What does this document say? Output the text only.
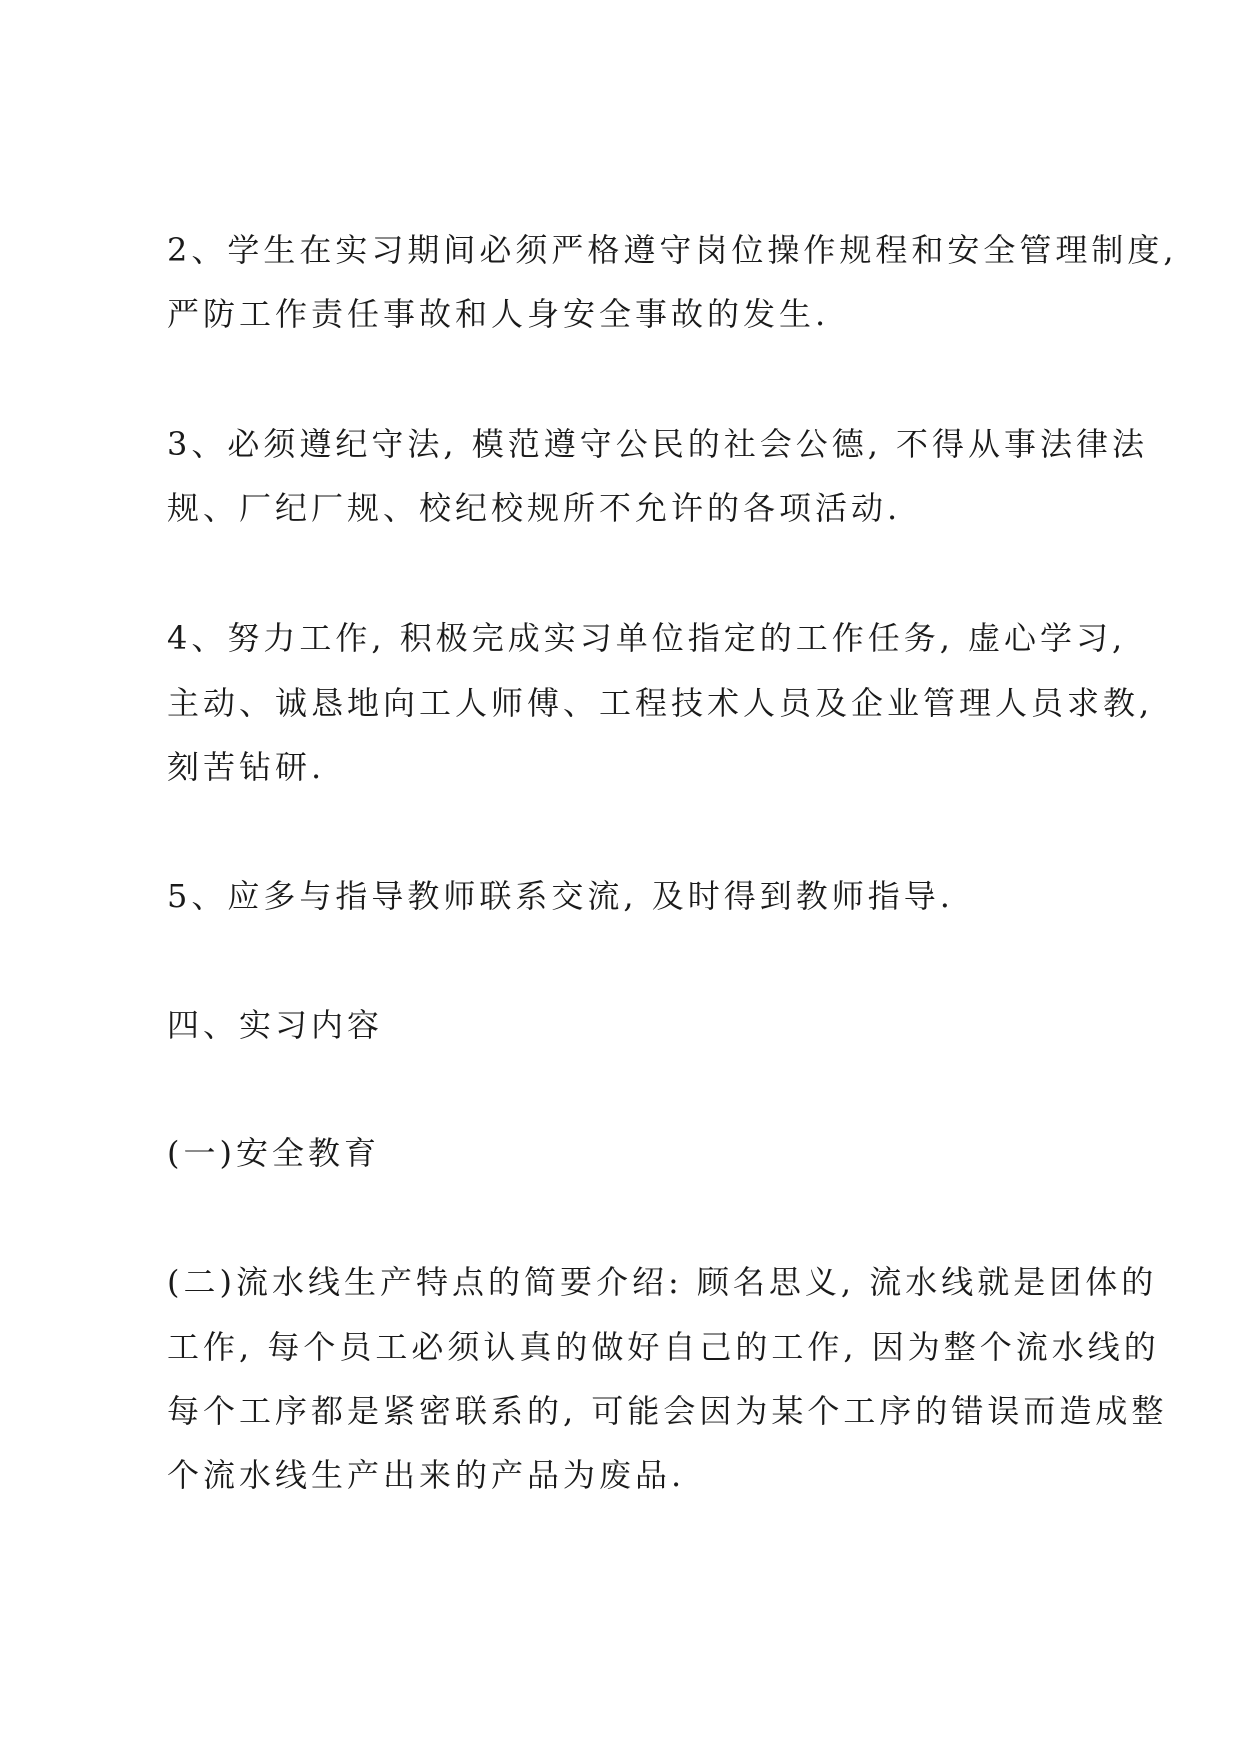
2、学生在实习期间必须严格遵守岗位操作规程和安全管理制度,
严防工作责任事故和人身安全事故的发生.
3、必须遵纪守法, 模范遵守公民的社会公德, 不得从事法律法
规、厂纪厂规、校纪校规所不允许的各项活动.
4、努力工作, 积极完成实习单位指定的工作任务, 虚心学习,
主动、诚恳地向工人师傅、工程技术人员及企业管理人员求教,
刻苦钻研.
5、应多与指导教师联系交流, 及时得到教师指导.
四、实习内容
(一)安全教育
(二)流水线生产特点的简要介绍: 顾名思义, 流水线就是团体的
工作, 每个员工必须认真的做好自己的工作, 因为整个流水线的
每个工序都是紧密联系的, 可能会因为某个工序的错误而造成整
个流水线生产出来的产品为废品.
